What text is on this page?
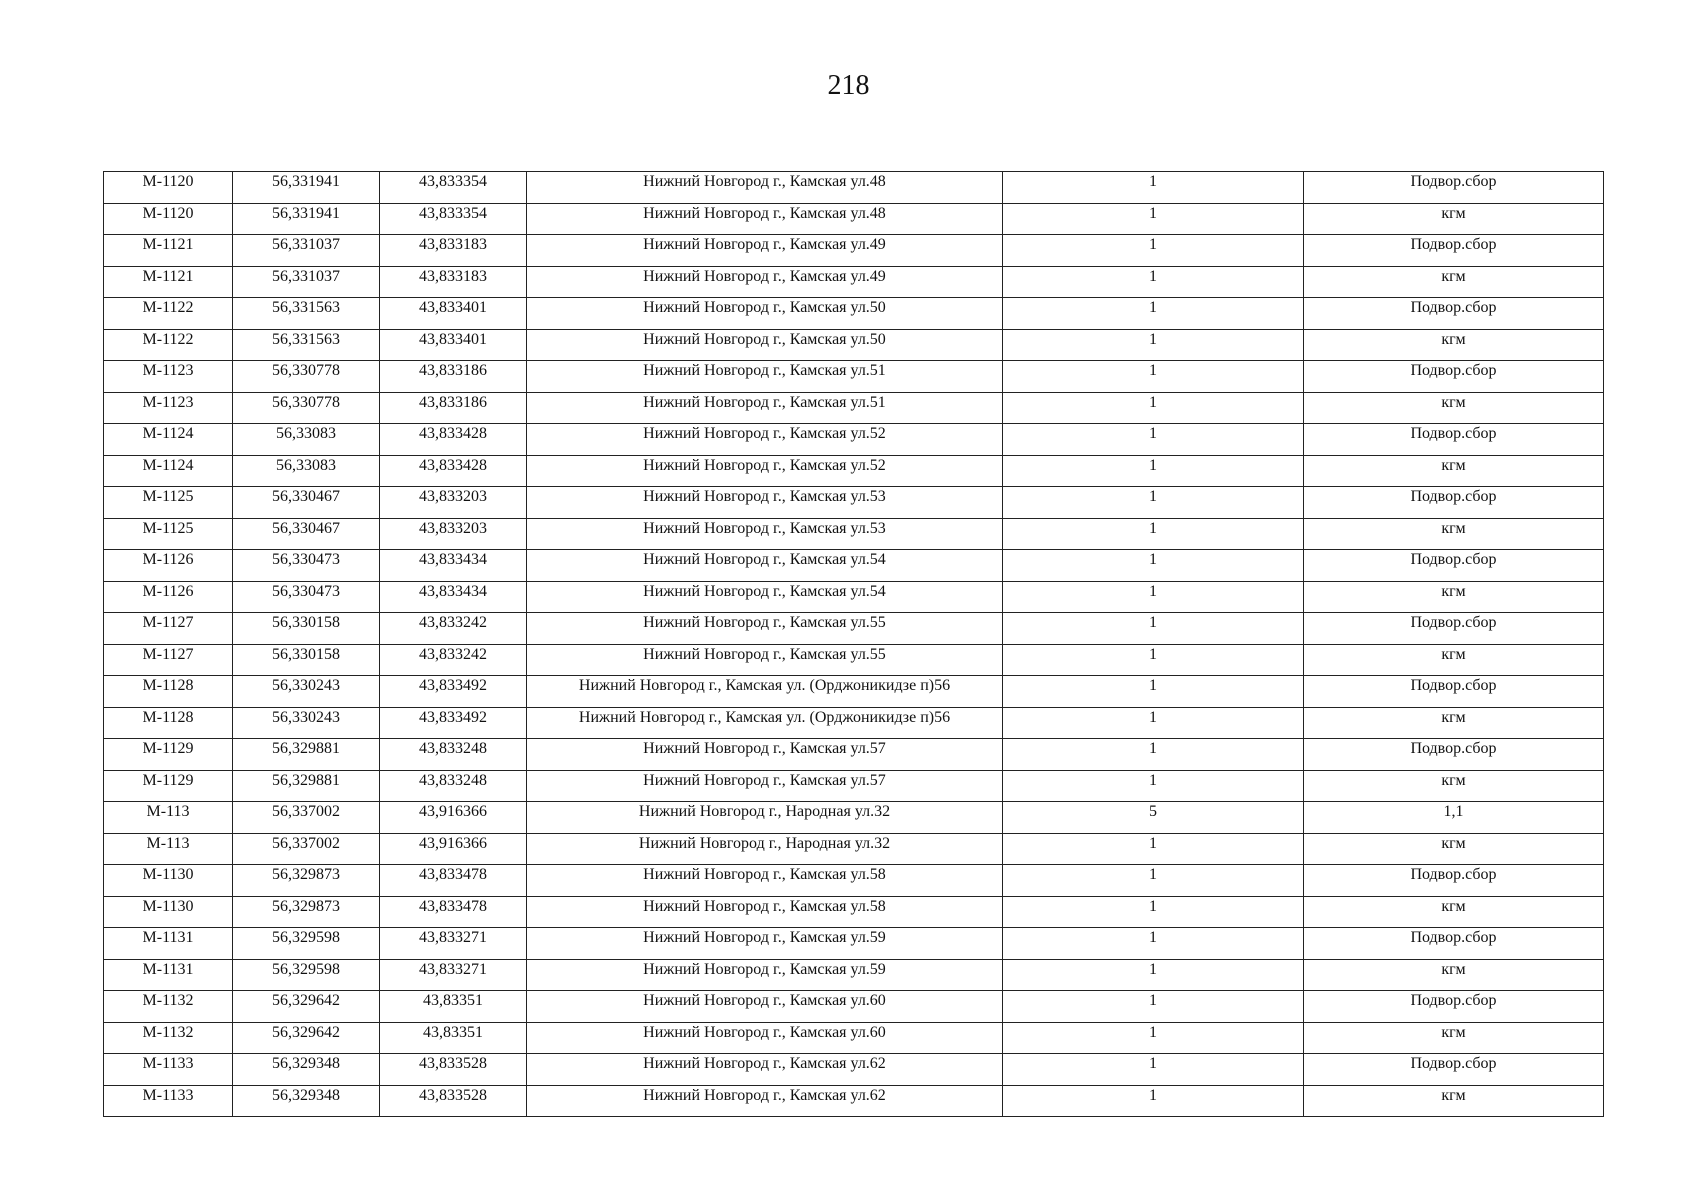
218
М-1120	56,331941	43,833354	Нижний Новгород г., Камская ул.48	1	Подвор.сбор
М-1120	56,331941	43,833354	Нижний Новгород г., Камская ул.48	1	кгм
М-1121	56,331037	43,833183	Нижний Новгород г., Камская ул.49	1	Подвор.сбор
М-1121	56,331037	43,833183	Нижний Новгород г., Камская ул.49	1	кгм
М-1122	56,331563	43,833401	Нижний Новгород г., Камская ул.50	1	Подвор.сбор
М-1122	56,331563	43,833401	Нижний Новгород г., Камская ул.50	1	кгм
М-1123	56,330778	43,833186	Нижний Новгород г., Камская ул.51	1	Подвор.сбор
М-1123	56,330778	43,833186	Нижний Новгород г., Камская ул.51	1	кгм
М-1124	56,33083	43,833428	Нижний Новгород г., Камская ул.52	1	Подвор.сбор
М-1124	56,33083	43,833428	Нижний Новгород г., Камская ул.52	1	кгм
М-1125	56,330467	43,833203	Нижний Новгород г., Камская ул.53	1	Подвор.сбор
М-1125	56,330467	43,833203	Нижний Новгород г., Камская ул.53	1	кгм
М-1126	56,330473	43,833434	Нижний Новгород г., Камская ул.54	1	Подвор.сбор
М-1126	56,330473	43,833434	Нижний Новгород г., Камская ул.54	1	кгм
М-1127	56,330158	43,833242	Нижний Новгород г., Камская ул.55	1	Подвор.сбор
М-1127	56,330158	43,833242	Нижний Новгород г., Камская ул.55	1	кгм
М-1128	56,330243	43,833492	Нижний Новгород г., Камская ул. (Орджоникидзе п)56	1	Подвор.сбор
М-1128	56,330243	43,833492	Нижний Новгород г., Камская ул. (Орджоникидзе п)56	1	кгм
М-1129	56,329881	43,833248	Нижний Новгород г., Камская ул.57	1	Подвор.сбор
М-1129	56,329881	43,833248	Нижний Новгород г., Камская ул.57	1	кгм
М-113	56,337002	43,916366	Нижний Новгород г., Народная ул.32	5	1,1
М-113	56,337002	43,916366	Нижний Новгород г., Народная ул.32	1	кгм
М-1130	56,329873	43,833478	Нижний Новгород г., Камская ул.58	1	Подвор.сбор
М-1130	56,329873	43,833478	Нижний Новгород г., Камская ул.58	1	кгм
М-1131	56,329598	43,833271	Нижний Новгород г., Камская ул.59	1	Подвор.сбор
М-1131	56,329598	43,833271	Нижний Новгород г., Камская ул.59	1	кгм
М-1132	56,329642	43,83351	Нижний Новгород г., Камская ул.60	1	Подвор.сбор
М-1132	56,329642	43,83351	Нижний Новгород г., Камская ул.60	1	кгм
М-1133	56,329348	43,833528	Нижний Новгород г., Камская ул.62	1	Подвор.сбор
М-1133	56,329348	43,833528	Нижний Новгород г., Камская ул.62	1	кгм
